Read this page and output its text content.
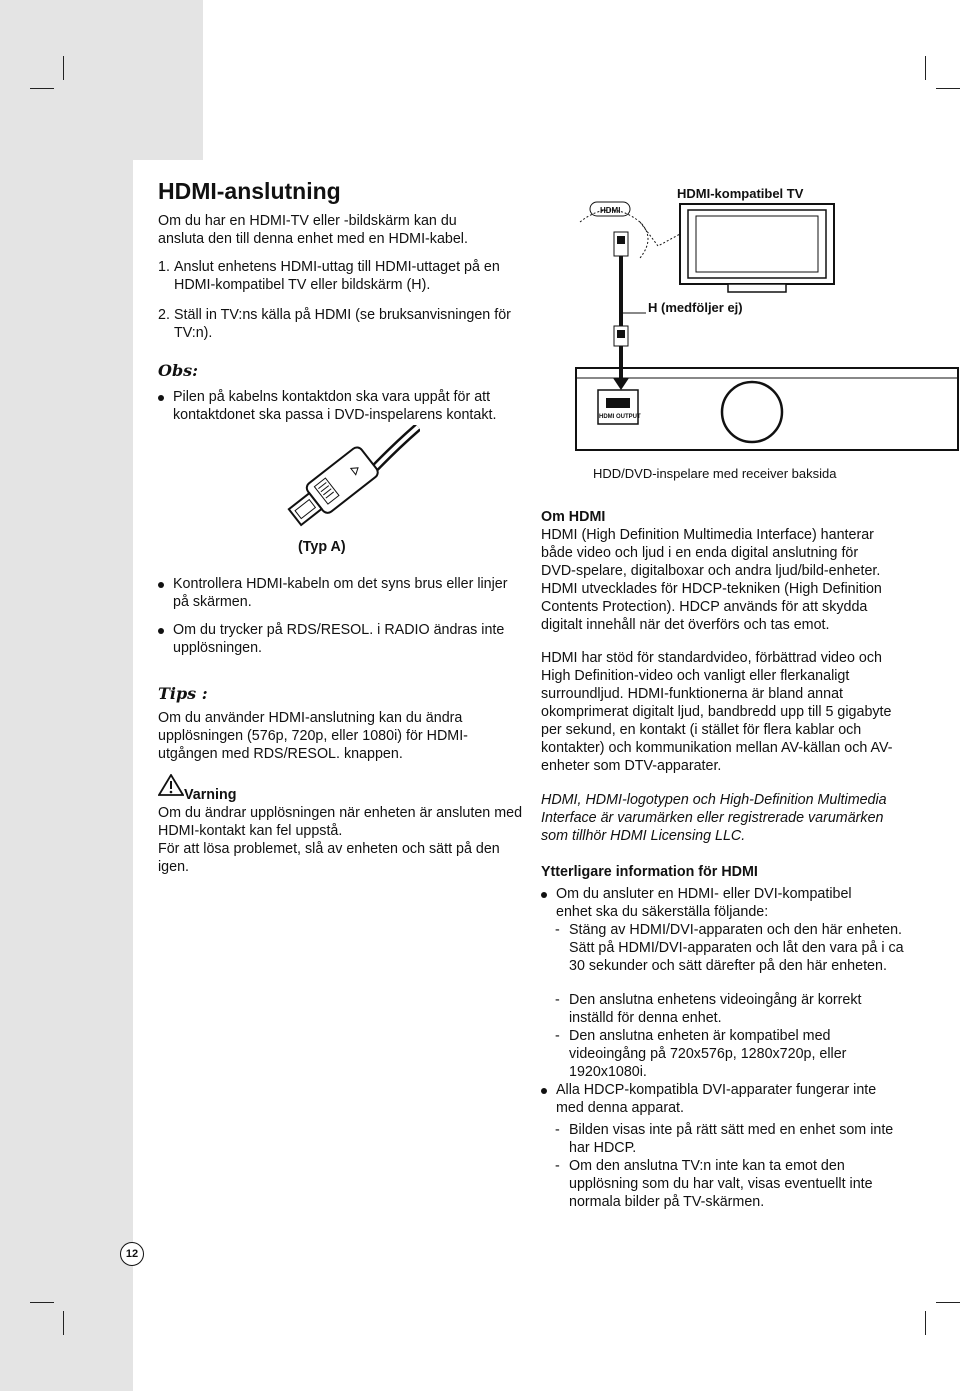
HDMI-anslutning

Om du har en HDMI-TV eller -bildskärm kan du ansluta den till denna enhet med en HDMI-kabel.

1. Anslut enhetens HDMI-uttag till HDMI-uttaget på en HDMI-kompatibel TV eller bildskärm (H).
2. Ställ in TV:ns källa på HDMI (se bruksanvisningen för TV:n).
Obs:
Pilen på kabelns kontaktdon ska vara uppåt för att kontaktdonet ska passa i DVD-inspelarens kontakt.
(Typ A)
Kontrollera HDMI-kabeln om det syns brus eller linjer på skärmen.
Om du trycker på RDS/RESOL. i RADIO ändras inte upplösningen.
Tips :

Om du använder HDMI-anslutning kan du ändra upplösningen (576p, 720p, eller 1080i) för HDMI-utgången med RDS/RESOL. knappen.

Varning

Om du ändrar upplösningen när enheten är ansluten med HDMI-kontakt kan fel uppstå.

För att lösa problemet, slå av enheten och sätt på den igen.

12
HDMI
HDMI-kompatibel TV
H (medföljer ej)
HDMI OUTPUT
HDD/DVD-inspelare med receiver baksida
Om HDMI

HDMI (High Definition Multimedia Interface) hanterar både video och ljud i en enda digital anslutning för DVD-spelare, digitalboxar och andra ljud/bild-enheter. HDMI utvecklades för HDCP-tekniken (High Definition Contents Protection). HDCP används för att skydda digitalt innehåll när det överförs och tas emot.

HDMI har stöd för standardvideo, förbättrad video och High Definition-video och vanligt eller flerkanaligt surroundljud. HDMI-funktionerna är bland annat okomprimerat digitalt ljud, bandbredd upp till 5 gigabyte per sekund, en kontakt (i stället för flera kablar och kontakter) och kommunikation mellan AV-källan och AV-enheter som DTV-apparater.

HDMI, HDMI-logotypen och High-Definition Multimedia Interface är varumärken eller registrerade varumärken som tillhör HDMI Licensing LLC.

Ytterligare information för HDMI
Om du ansluter en HDMI- eller DVI-kompatibel enhet ska du säkerställa följande:
- Stäng av HDMI/DVI-apparaten och den här enheten. Sätt på HDMI/DVI-apparaten och låt den vara på i ca 30 sekunder och sätt därefter på den här enheten.
- Den anslutna enhetens videoingång är korrekt inställd för denna enhet.
- Den anslutna enheten är kompatibel med videoingång på 720x576p, 1280x720p, eller 1920x1080i.
Alla HDCP-kompatibla DVI-apparater fungerar inte med denna apparat.
- Bilden visas inte på rätt sätt med en enhet som inte har HDCP.
- Om den anslutna TV:n inte kan ta emot den upplösning som du har valt, visas eventuellt inte normala bilder på TV-skärmen.
